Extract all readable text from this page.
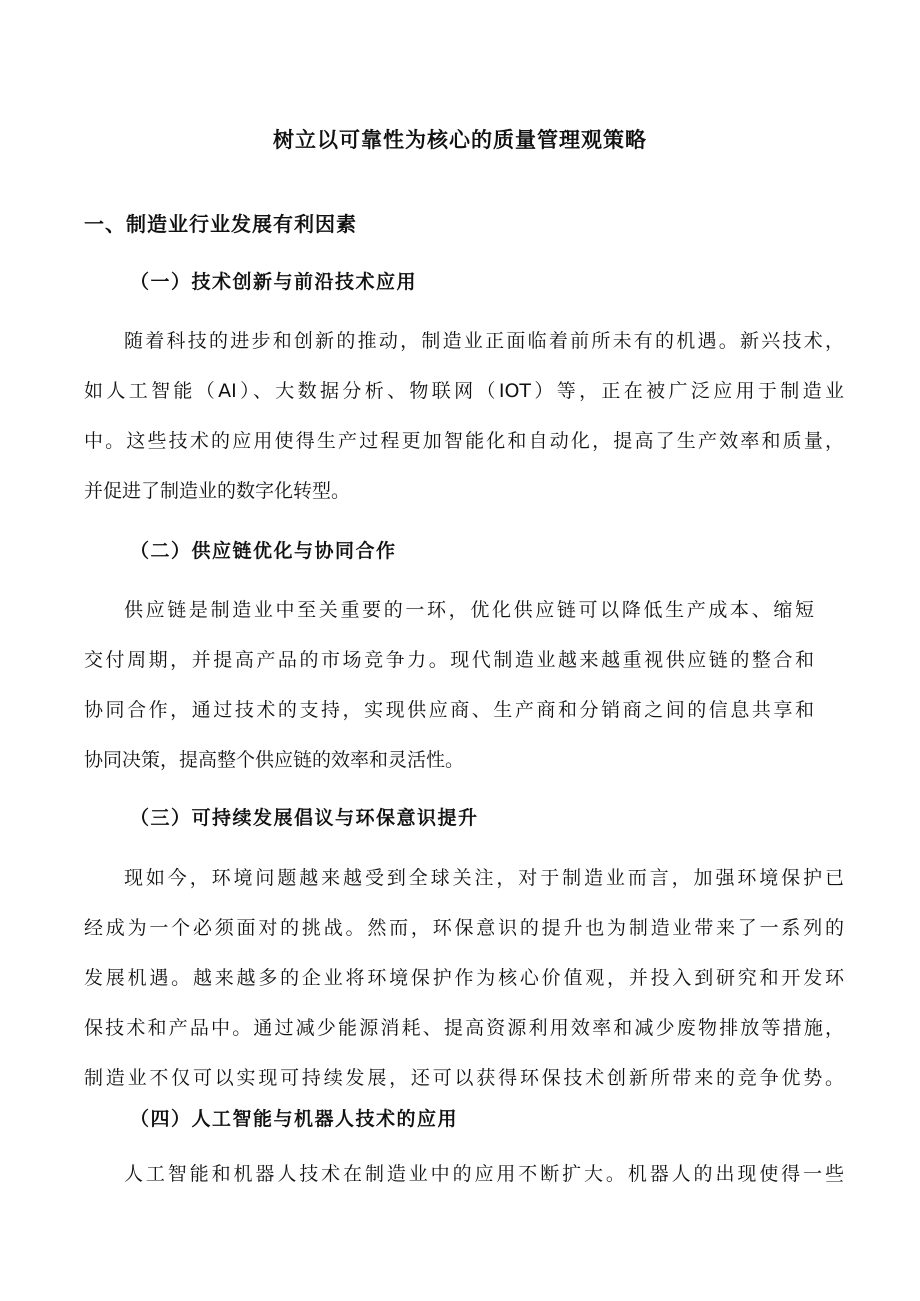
树立以可靠性为核心的质量管理观策略
一、制造业行业发展有利因素
（一）技术创新与前沿技术应用

随着科技的进步和创新的推动，制造业正面临着前所未有的机遇。新兴技术，

如人工智能（AI）、大数据分析、物联网（IOT）等，正在被广泛应用于制造业

中。这些技术的应用使得生产过程更加智能化和自动化，提高了生产效率和质量，

并促进了制造业的数字化转型。

（二）供应链优化与协同合作

供应链是制造业中至关重要的一环，优化供应链可以降低生产成本、缩短

交付周期，并提高产品的市场竞争力。现代制造业越来越重视供应链的整合和

协同合作，通过技术的支持，实现供应商、生产商和分销商之间的信息共享和

协同决策，提高整个供应链的效率和灵活性。

（三）可持续发展倡议与环保意识提升

现如今，环境问题越来越受到全球关注，对于制造业而言，加强环境保护已

经成为一个必须面对的挑战。然而，环保意识的提升也为制造业带来了一系列的

发展机遇。越来越多的企业将环境保护作为核心价值观，并投入到研究和开发环

保技术和产品中。通过减少能源消耗、提高资源利用效率和减少废物排放等措施，

制造业不仅可以实现可持续发展，还可以获得环保技术创新所带来的竞争优势。

（四）人工智能与机器人技术的应用

人工智能和机器人技术在制造业中的应用不断扩大。机器人的出现使得一些
